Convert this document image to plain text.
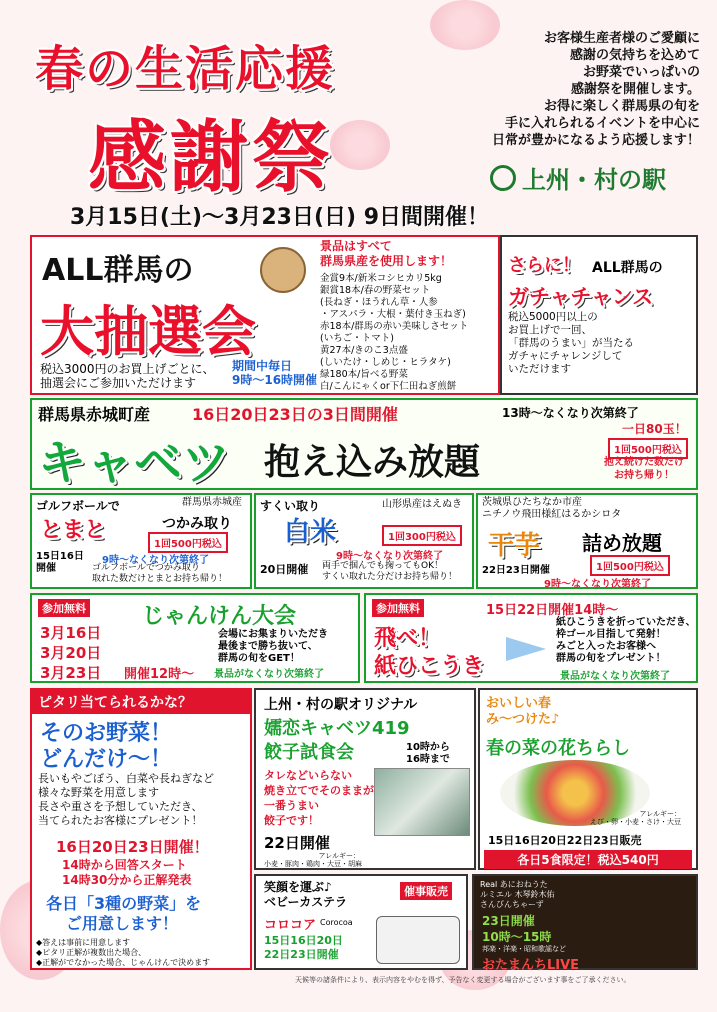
春の生活応援
感謝祭
お客様生産者様のご愛顧に
感謝の気持ちを込めて
お野菜でいっぱいの
感謝祭を開催します。
お得に楽しく群馬県の旬を
手に入れられるイベントを中心に
日常が豊かになるよう応援します！
上州・村の駅
3月15日(土)～3月23日(日) 9日間開催！
ALL群馬の
大抽選会
税込3000円のお買上げごとに、
抽選会にご参加いただけます
期間中毎日
9時～16時開催
景品はすべて
群馬県産を使用します！
金賞9本/新米コシヒカリ5kg
銀賞18本/春の野菜セット
(長ねぎ・ほうれん草・人参
・アスパラ・大根・葉付き玉ねぎ)
赤18本/群馬の赤い美味しさセット
(いちご・トマト)
黄27本/きのこ3点盛
(しいたけ・しめじ・ヒラタケ)
緑180本/旨べる野菜
白/こんにゃくor下仁田ねぎ煎餅
さらに！ ALL群馬の
ガチャチャンス
税込5000円以上の
お買上げで一回、
「群馬のうまい」が当たる
ガチャにチャレンジして
いただけます
群馬県赤城町産	16日20日23日の3日間開催	13時～なくなり次第終了
キャベツ 抱え込み放題
一日80玉！
1回500円税込
抱え続けた数だけ
お持ち帰り！
ゴルフボールで	群馬県赤城産
とまと	つかみ取り
1回500円税込
15日16日開催
9時～なくなり次第終了
ゴルフボールでつかみ取り
取れた数だけとまとお持ち帰り！
すくい取り	山形県産はえぬき
白米	1回300円税込
9時～なくなり次第終了
20日開催 両手で掴んでも掬ってもOK！
すくい取れた分だけお持ち帰り！
茨城県ひたちなか市産
ニチノウ飛田様紅はるかシロタ
干芋 詰め放題
22日23日開催	1回500円税込
9時～なくなり次第終了
参加無料	じゃんけん大会
3月16日
3月20日
3月23日 開催12時～
会場にお集まりいただき
最後まで勝ち抜いて、
群馬の旬をGET！
景品がなくなり次第終了
参加無料	15日22日開催14時～
飛べ！
紙ひこうき
紙ひこうきを折っていただき、
枠ゴール目指して発射！
みごと入ったお客様へ
群馬の旬をプレゼント！
景品がなくなり次第終了
ピタリ当てられるかな？
そのお野菜！
どんだけ～！
長いもやごぼう、白菜や長ねぎなど
様々な野菜を用意します
長さや重さを予想していただき、
当てられたお客様にプレゼント！
16日20日23日開催！
14時から回答スタート
14時30分から正解発表
各日「3種の野菜」を
ご用意します！
◆答えは事前に用意します
◆ピタリ正解が複数出た場合、
◆正解がでなかった場合、じゃんけんで決めます
上州・村の駅オリジナル
嬬恋キャベツ419
餃子試食会	10時から
16時まで
タレなどいらない
焼き立てでそのままが
一番うまい
餃子です！
22日開催
アレルギー：
小麦・豚肉・鶏肉・大豆・胡麻
おいしい春
み～つけた♪
春の菜の花ちらし
アレルギー：
えび・卵・小麦・さけ・大豆
15日16日20日22日23日販売
各日5食限定！税込540円
笑顔を運ぶ♪
ベビーカステラ
催事販売
コロコア Corocoa
15日16日20日
22日23日開催
Real あにおねうた
ルミエル 木琴鈴木佑
さんびんちゃーず
23日開催
10時～15時
邦楽・洋楽・昭和歌謡など
おたまんちLIVE
天候等の諸条件により、表示内容をやむを得ず、予告なく変更する場合がございます事をご了承ください。
